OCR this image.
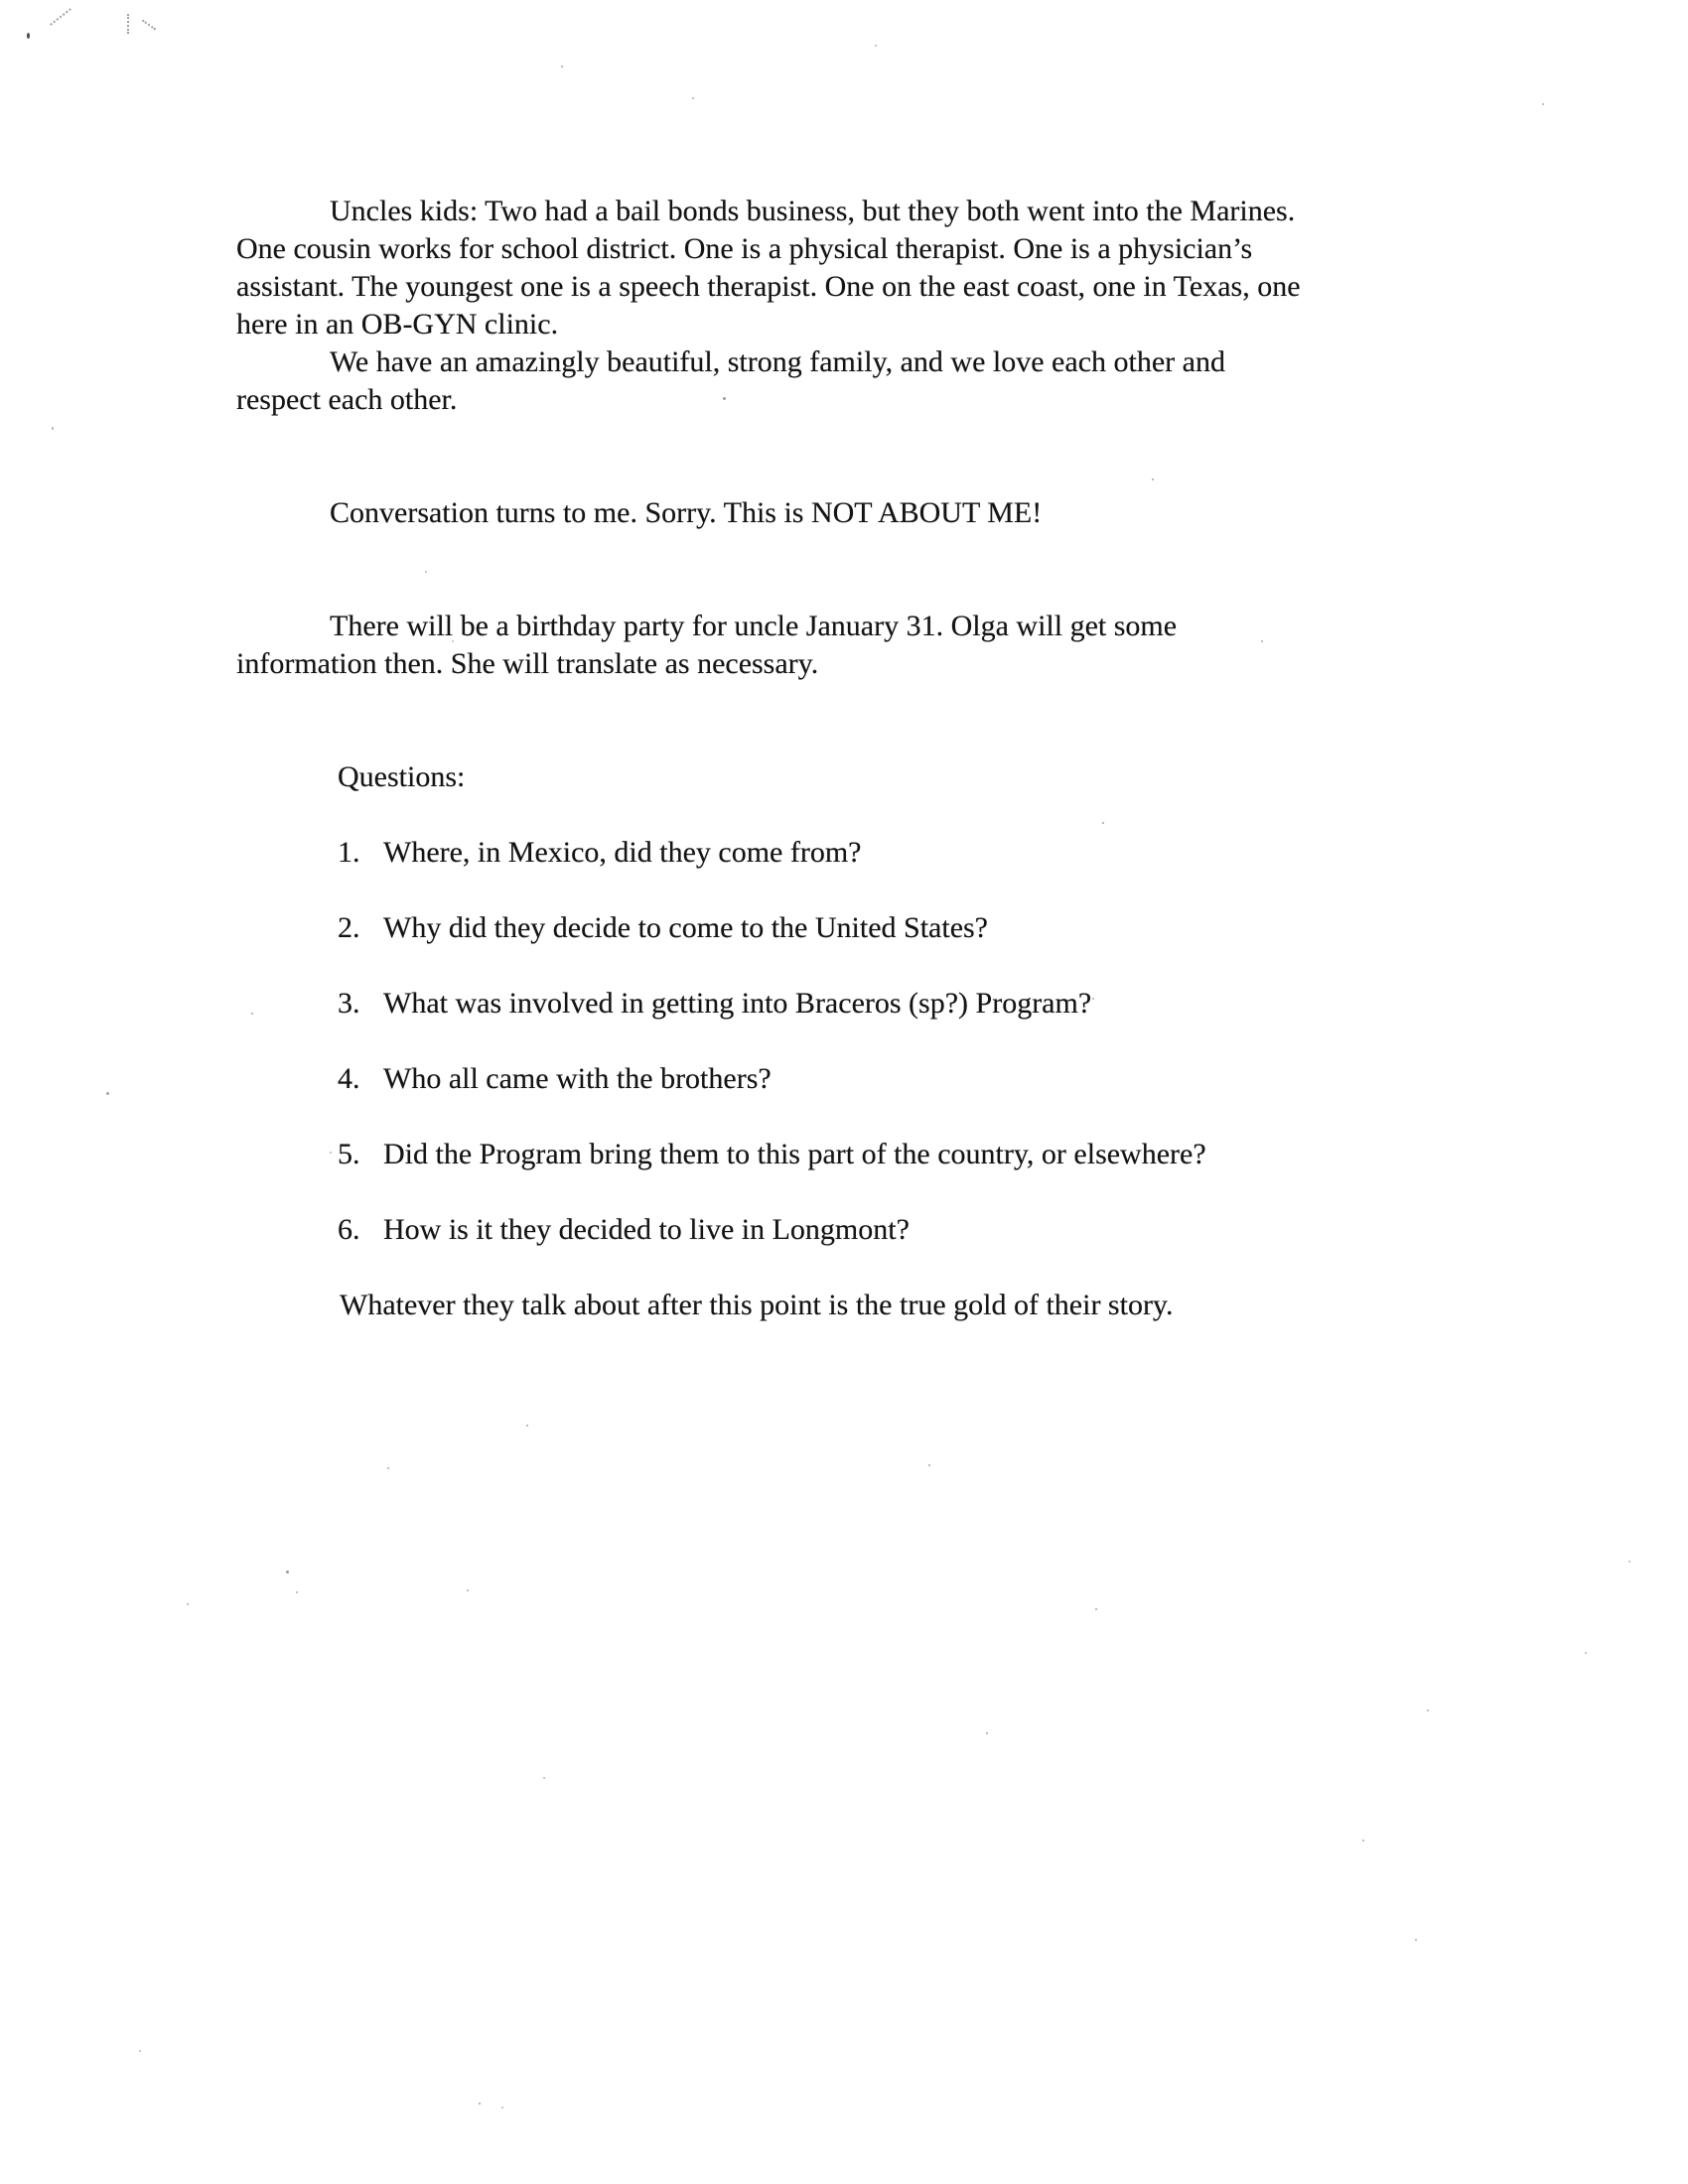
Uncles kids: Two had a bail bonds business, but they both went into the Marines.
One cousin works for school district. One is a physical therapist. One is a physician’s
assistant. The youngest one is a speech therapist. One on the east coast, one in Texas, one
here in an OB-GYN clinic.
We have an amazingly beautiful, strong family, and we love each other and
respect each other.
Conversation turns to me. Sorry. This is NOT ABOUT ME!
There will be a birthday party for uncle January 31. Olga will get some
information then. She will translate as necessary.
Questions:
1. Where, in Mexico, did they come from?
2. Why did they decide to come to the United States?
3. What was involved in getting into Braceros (sp?) Program?
4. Who all came with the brothers?
5. Did the Program bring them to this part of the country, or elsewhere?
6. How is it they decided to live in Longmont?
Whatever they talk about after this point is the true gold of their story.
